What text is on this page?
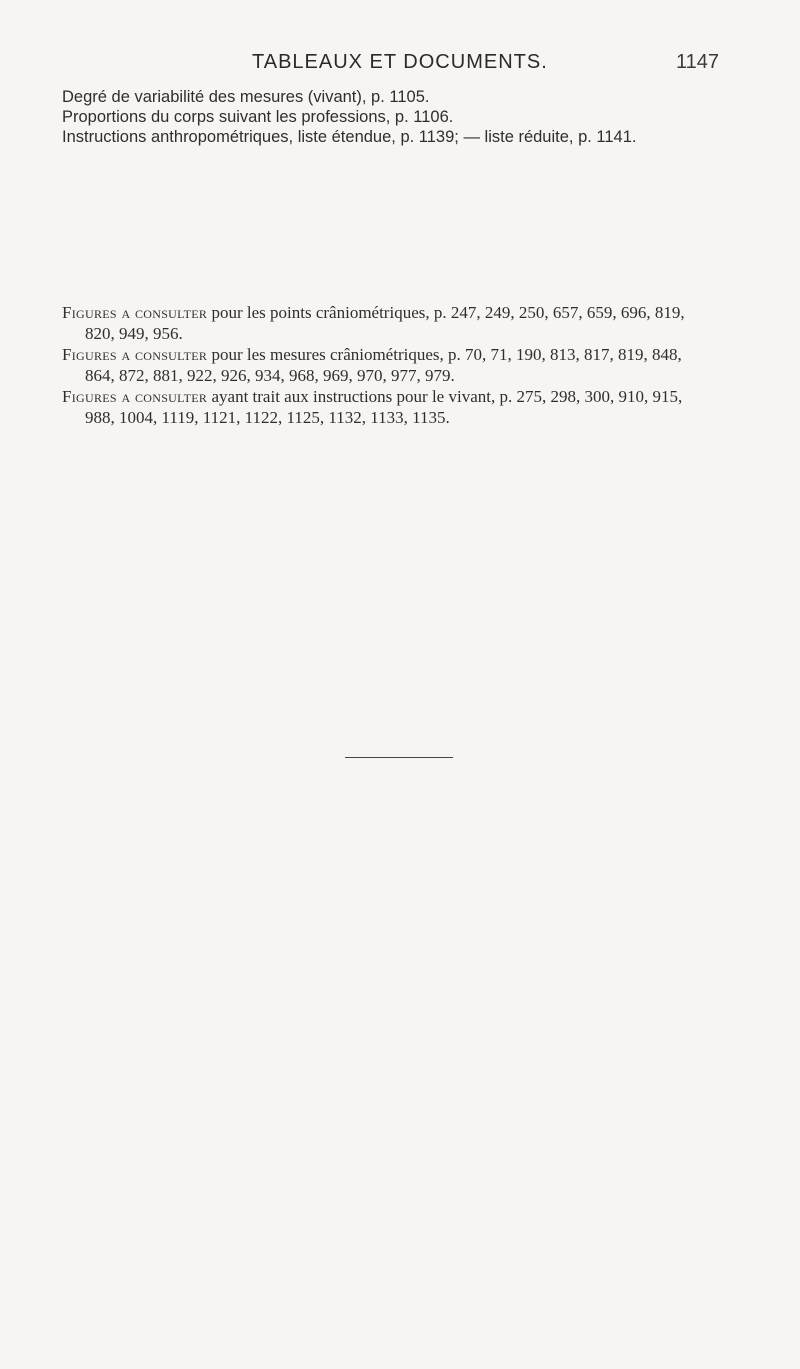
TABLEAUX ET DOCUMENTS.	1147
Degré de variabilité des mesures (vivant), p. 1105.
Proportions du corps suivant les professions, p. 1106.
Instructions anthropométriques, liste étendue, p. 1139; — liste réduite, p. 1141.
Figures a consulter pour les points crâniométriques, p. 247, 249, 250, 657, 659, 696, 819,
820, 949, 956.
Figures a consulter pour les mesures crâniométriques, p. 70, 71, 190, 813, 817, 819, 848,
864, 872, 881, 922, 926, 934, 968, 969, 970, 977, 979.
Figures a consulter ayant trait aux instructions pour le vivant, p. 275, 298, 300, 910, 915,
988, 1004, 1119, 1121, 1122, 1125, 1132, 1133, 1135.
